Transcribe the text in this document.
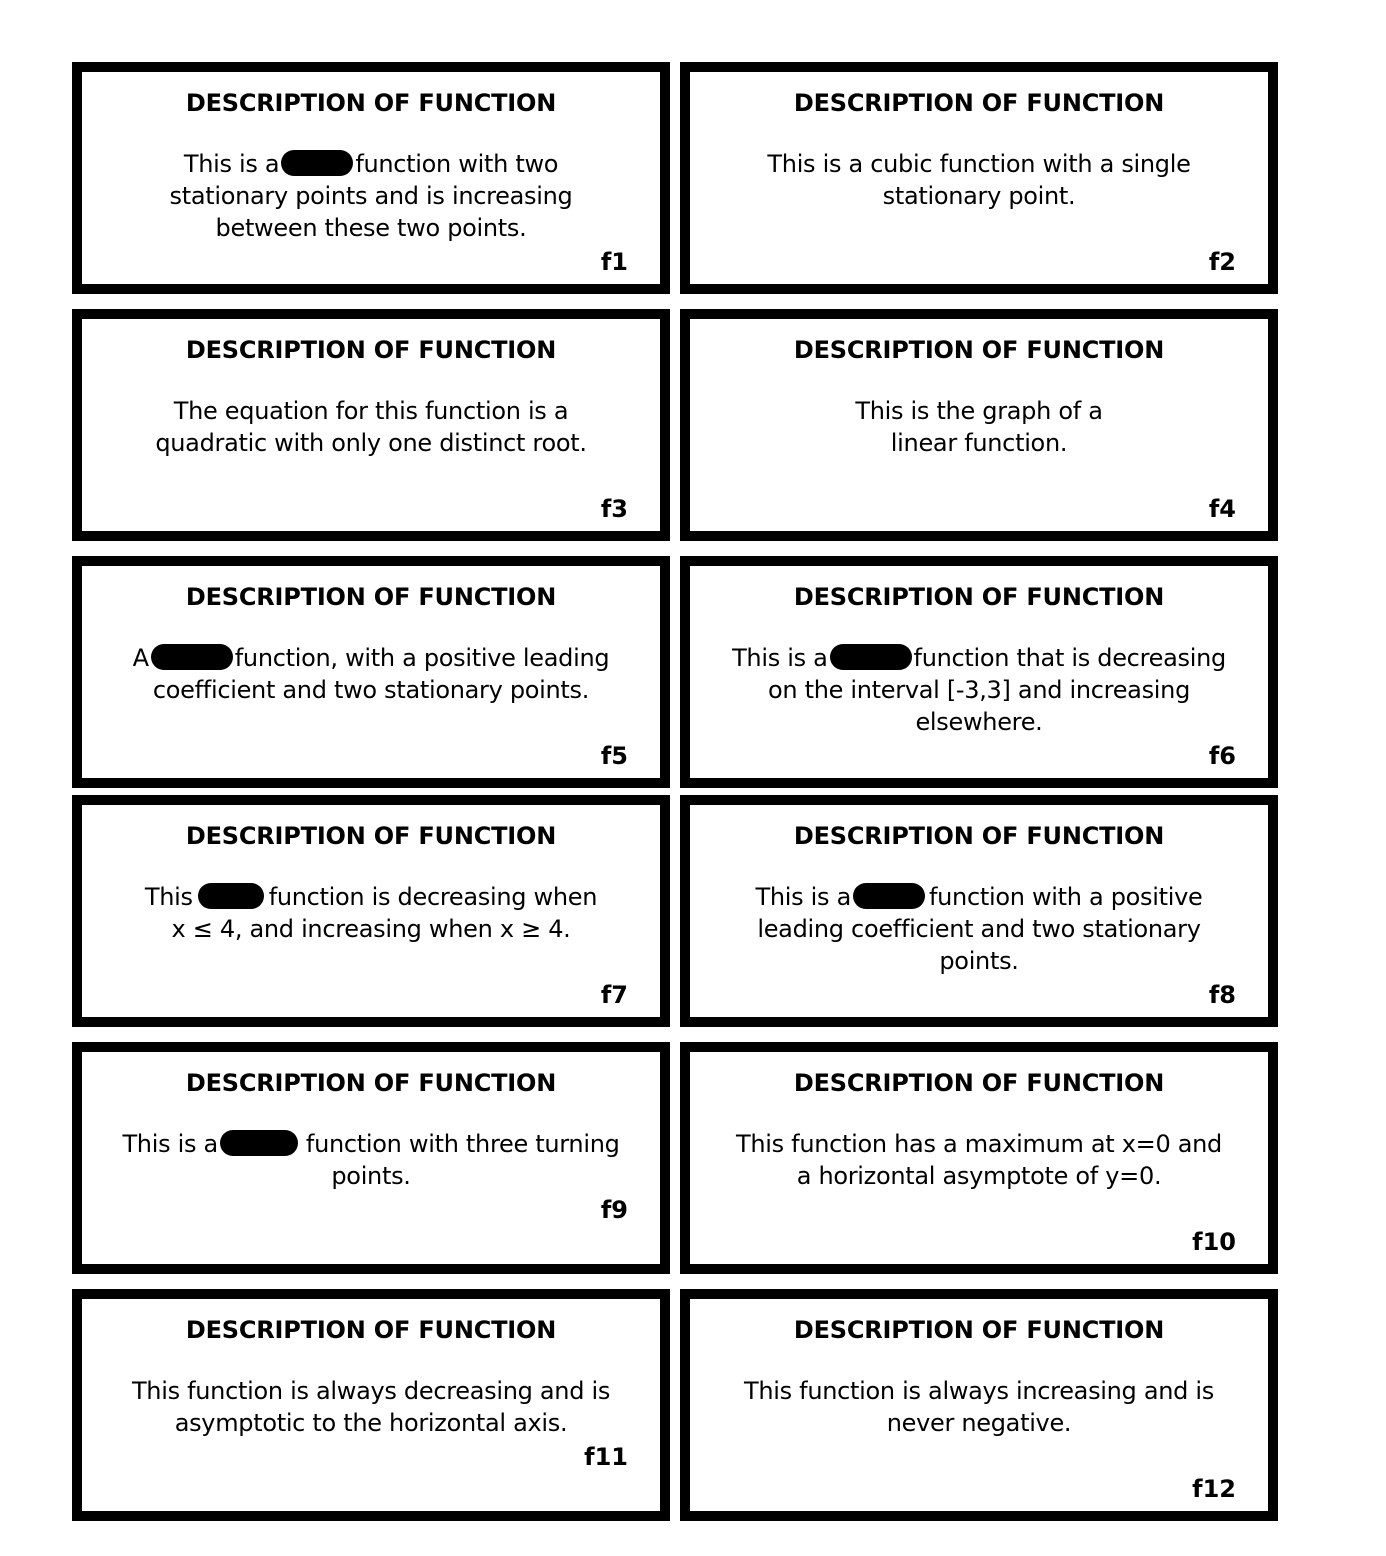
DESCRIPTION OF FUNCTION
This is a	function with two
stationary points and is increasing
between these two points.
f1
DESCRIPTION OF FUNCTION
This is a cubic function with a single
stationary point.
f2
DESCRIPTION OF FUNCTION
The equation for this function is a
quadratic with only one distinct root.
f3
DESCRIPTION OF FUNCTION
This is the graph of a
linear function.
f4
DESCRIPTION OF FUNCTION
A	function, with a positive leading
coefficient and two stationary points.
f5
DESCRIPTION OF FUNCTION
This is a	function that is decreasing
on the interval [-3,3] and increasing
elsewhere.
f6
DESCRIPTION OF FUNCTION
This	function is decreasing when
x ≤ 4, and increasing when x ≥ 4.
f7
DESCRIPTION OF FUNCTION
This is a	function with a positive
leading coefficient and two stationary
points.
f8
DESCRIPTION OF FUNCTION
This is a	function with three turning
points.
f9
DESCRIPTION OF FUNCTION
This function has a maximum at x=0 and
a horizontal asymptote of y=0.
f10
DESCRIPTION OF FUNCTION
This function is always decreasing and is
asymptotic to the horizontal axis.
f11
DESCRIPTION OF FUNCTION
This function is always increasing and is
never negative.
f12
